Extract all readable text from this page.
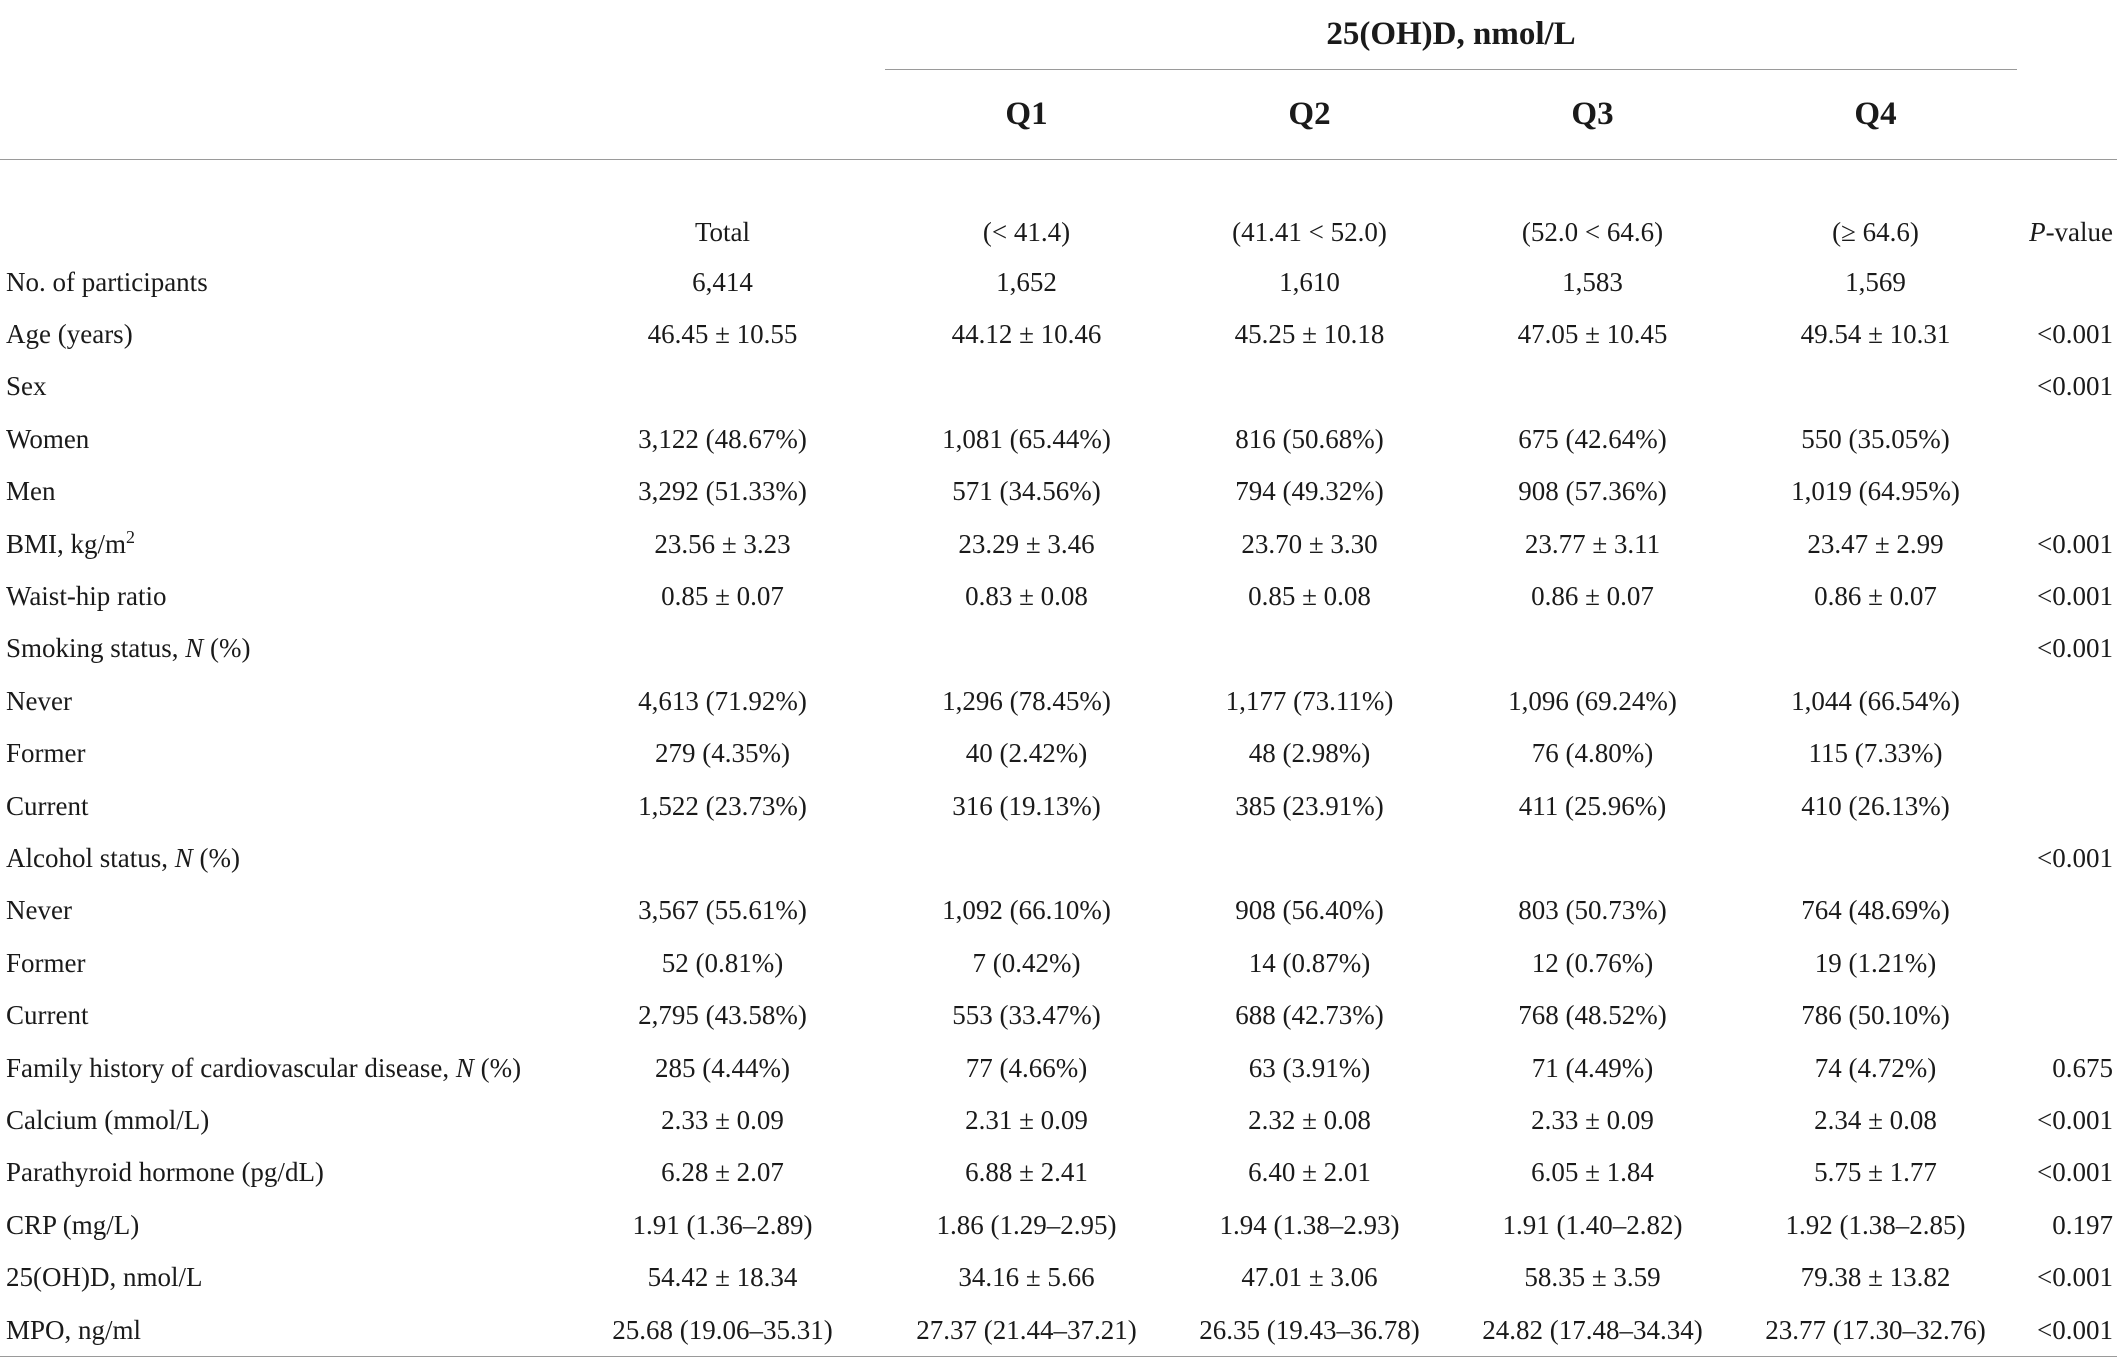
		25(OH)D, nmol/L				
		Q1	Q2	Q3	Q4	
	Total	(< 41.4)	(41.41 < 52.0)	(52.0 < 64.6)	(≥ 64.6)	P-value
No. of participants	6,414	1,652	1,610	1,583	1,569	
Age (years)	46.45 ± 10.55	44.12 ± 10.46	45.25 ± 10.18	47.05 ± 10.45	49.54 ± 10.31	<0.001
Sex						<0.001
Women	3,122 (48.67%)	1,081 (65.44%)	816 (50.68%)	675 (42.64%)	550 (35.05%)	
Men	3,292 (51.33%)	571 (34.56%)	794 (49.32%)	908 (57.36%)	1,019 (64.95%)	
BMI, $kg/m^2$	23.56 ± 3.23	23.29 ± 3.46	23.70 ± 3.30	23.77 ± 3.11	23.47 ± 2.99	<0.001
Waist-hip ratio	0.85 ± 0.07	0.83 ± 0.08	0.85 ± 0.08	0.86 ± 0.07	0.86 ± 0.07	<0.001
Smoking status, N (%)						<0.001
Never	4,613 (71.92%)	1,296 (78.45%)	1,177 (73.11%)	1,096 (69.24%)	1,044 (66.54%)	
Former	279 (4.35%)	40 (2.42%)	48 (2.98%)	76 (4.80%)	115 (7.33%)	
Current	1,522 (23.73%)	316 (19.13%)	385 (23.91%)	411 (25.96%)	410 (26.13%)	
Alcohol status, N (%)						<0.001
Never	3,567 (55.61%)	1,092 (66.10%)	908 (56.40%)	803 (50.73%)	764 (48.69%)	
Former	52 (0.81%)	7 (0.42%)	14 (0.87%)	12 (0.76%)	19 (1.21%)	
Current	2,795 (43.58%)	553 (33.47%)	688 (42.73%)	768 (48.52%)	786 (50.10%)	
Family history of cardiovascular disease, N (%)	285 (4.44%)	77 (4.66%)	63 (3.91%)	71 (4.49%)	74 (4.72%)	0.675
Calcium (mmol/L)	2.33 ± 0.09	2.31 ± 0.09	2.32 ± 0.08	2.33 ± 0.09	2.34 ± 0.08	<0.001
Parathyroid hormone (pg/dL)	6.28 ± 2.07	6.88 ± 2.41	6.40 ± 2.01	6.05 ± 1.84	5.75 ± 1.77	<0.001
CRP (mg/L)	1.91 (1.36–2.89)	1.86 (1.29–2.95)	1.94 (1.38–2.93)	1.91 (1.40–2.82)	1.92 (1.38–2.85)	0.197
25(OH)D, nmol/L	54.42 ± 18.34	34.16 ± 5.66	47.01 ± 3.06	58.35 ± 3.59	79.38 ± 13.82	<0.001
MPO, ng/ml	25.68 (19.06–35.31)	27.37 (21.44–37.21)	26.35 (19.43–36.78)	24.82 (17.48–34.34)	23.77 (17.30–32.76)	<0.001
